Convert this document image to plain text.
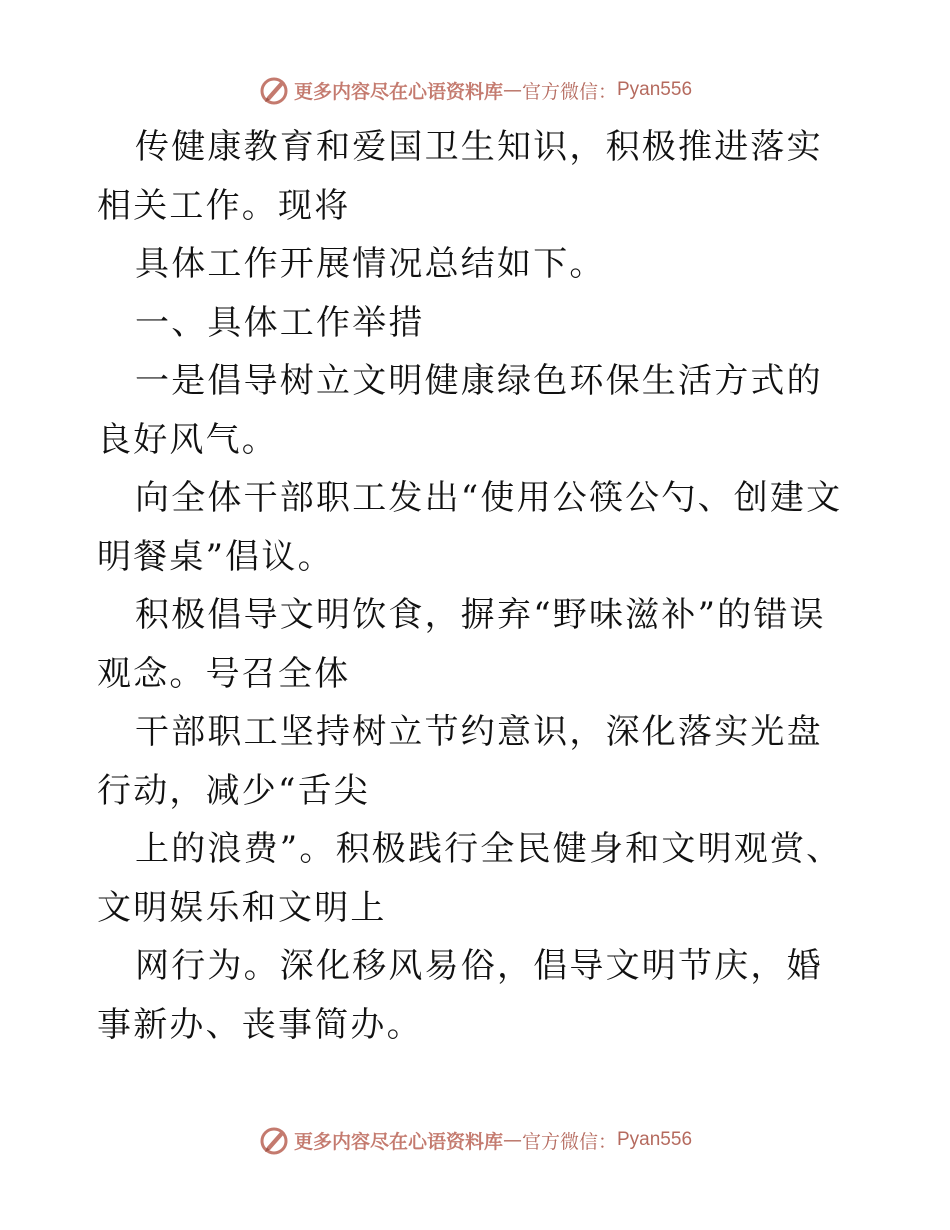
更多内容尽在心语资料库 — 官方微信： Pyan556

传健康教育和爱国卫生知识，积极推进落实相关工作。现将

具体工作开展情况总结如下。

一、具体工作举措

一是倡导树立文明健康绿色环保生活方式的良好风气。

向全体干部职工发出“使用公筷公勺、创建文明餐桌”倡议。

积极倡导文明饮食，摒弃“野味滋补”的错误观念。号召全体

干部职工坚持树立节约意识，深化落实光盘行动，减少“舌尖

上的浪费”。积极践行全民健身和文明观赏、文明娱乐和文明上

网行为。深化移风易俗，倡导文明节庆，婚事新办、丧事简办。

更多内容尽在心语资料库 — 官方微信： Pyan556
